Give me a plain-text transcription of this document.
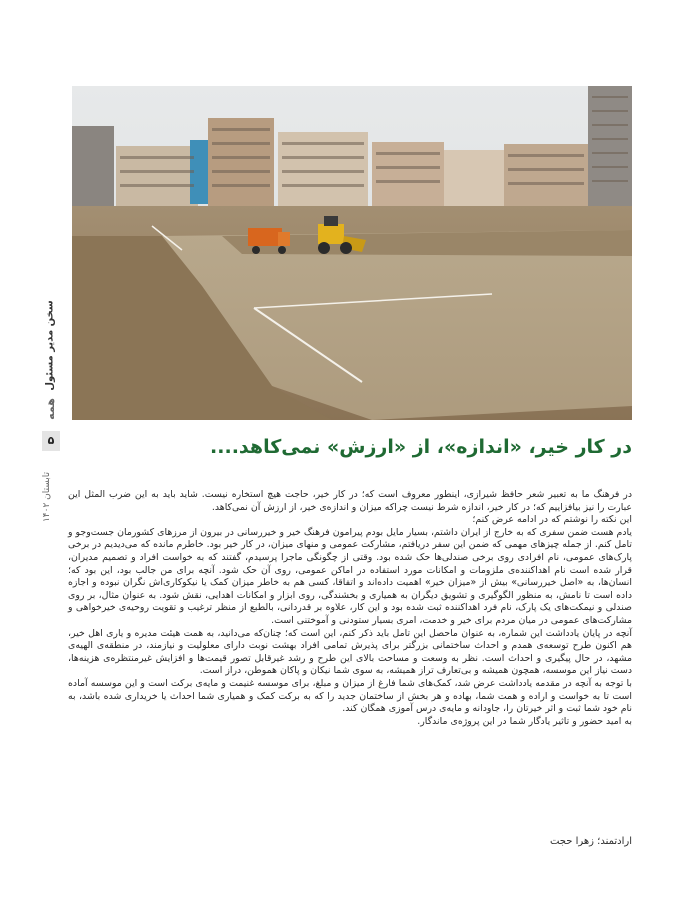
سخن مدیر مسئول
همه
۵
تابستان ۱۴۰۲
در کار خیر، «اندازه»، از «ارزش» نمی‌کاهد....

در فرهنگ ما به تعبیر شعر حافظ شیرازی، اینطور معروف است که؛ در کار خیر، حاجت هیچ استخاره نیست. شاید باید به این ضرب المثل این عبارت را نیز بیافزاییم که؛ در کار خیر، اندازه شرط نیست چراکه میزان و اندازه‌ی خیر، از ارزش آن نمی‌کاهد.

این نکته را نوشتم که در ادامه عرض کنم؛

یادم هست ضمن سفری که به خارج از ایران داشتم، بسیار مایل بودم پیرامون فرهنگ خیر و خیررسانی در بیرون از مرزهای کشورمان جست‌وجو و تامل کنم. از جمله چیزهای مهمی که ضمن این سفر دریافتم، مشارکت عمومی و منهای میزان، در کار خیر بود. خاطرم مانده که می‌دیدیم در برخی پارک‌های عمومی، نام افرادی روی برخی صندلی‌ها حک شده بود. وقتی از چگونگی ماجرا پرسیدم، گفتند که به خواست افراد و تصمیم مدیران، قرار شده است نام اهداکننده‌ی ملزومات و امکانات مورد استفاده در اماکن عمومی، روی آن حک شود. آنچه برای من جالب بود، این بود که؛ انسان‌ها، به «اصل خیررسانی» بیش از «میزان خیر» اهمیت داده‌اند و اتفاقا، کسی هم به خاطر میزان کمک یا نیکوکاری‌اش نگران نبوده و اجازه داده است تا نامش، به منظور الگوگیری و تشویق دیگران به همیاری و بخشندگی، روی ابزار و امکانات اهدایی، نقش شود. به عنوان مثال، بر روی صندلی و نیمکت‌های یک پارک، نام فرد اهداکننده ثبت شده بود و این کار، علاوه بر قدردانی، بالطبع از منظر ترغیب و تقویت روحیه‌ی خیرخواهی و مشارکت‌های عمومی در میان مردم برای خیر و خدمت، امری بسیار ستودنی و آموختنی است.

آنچه در پایان یادداشت این شماره، به عنوان ماحصل این تامل باید ذکر کنم، این است که؛ چنان‌که می‌دانید، به همت هیئت مدیره و یاری اهل خیر، هم اکنون طرح توسعه‌ی همدم و احداث ساختمانی بزرگتر برای پذیرش تمامی افراد بهشت نوبت دارای معلولیت و نیازمند، در منطقه‌ی الهیه‌ی مشهد، در حال پیگیری و احداث است. نظر به وسعت و مساحت بالای این طرح و رشد غیرقابل تصور قیمت‌ها و افزایش غیرمنتظره‌ی هزینه‌ها، دست نیاز این موسسه، همچون همیشه و بی‌تعارف تراز همیشه، به سوی شما نیکان و پاکان هموطن، دراز است.

با توجه به آنچه در مقدمه یادداشت عرض شد، کمک‌های شما فارغ از میزان و مبلغ، برای موسسه غنیمت و مایه‌ی برکت است و این موسسه آماده است تا به خواست و اراده و همت شما، بهاده و هر بخش از ساختمان جدید را که به برکت کمک و همیاری شما احداث یا خریداری شده باشد، به نام خود شما ثبت و اثر خیرتان را، جاودانه و مایه‌ی درس آموزی همگان کند.

به امید حضور و تاثیر یادگار شما در این پروژه‌ی ماندگار.

ارادتمند؛ زهرا حجت
